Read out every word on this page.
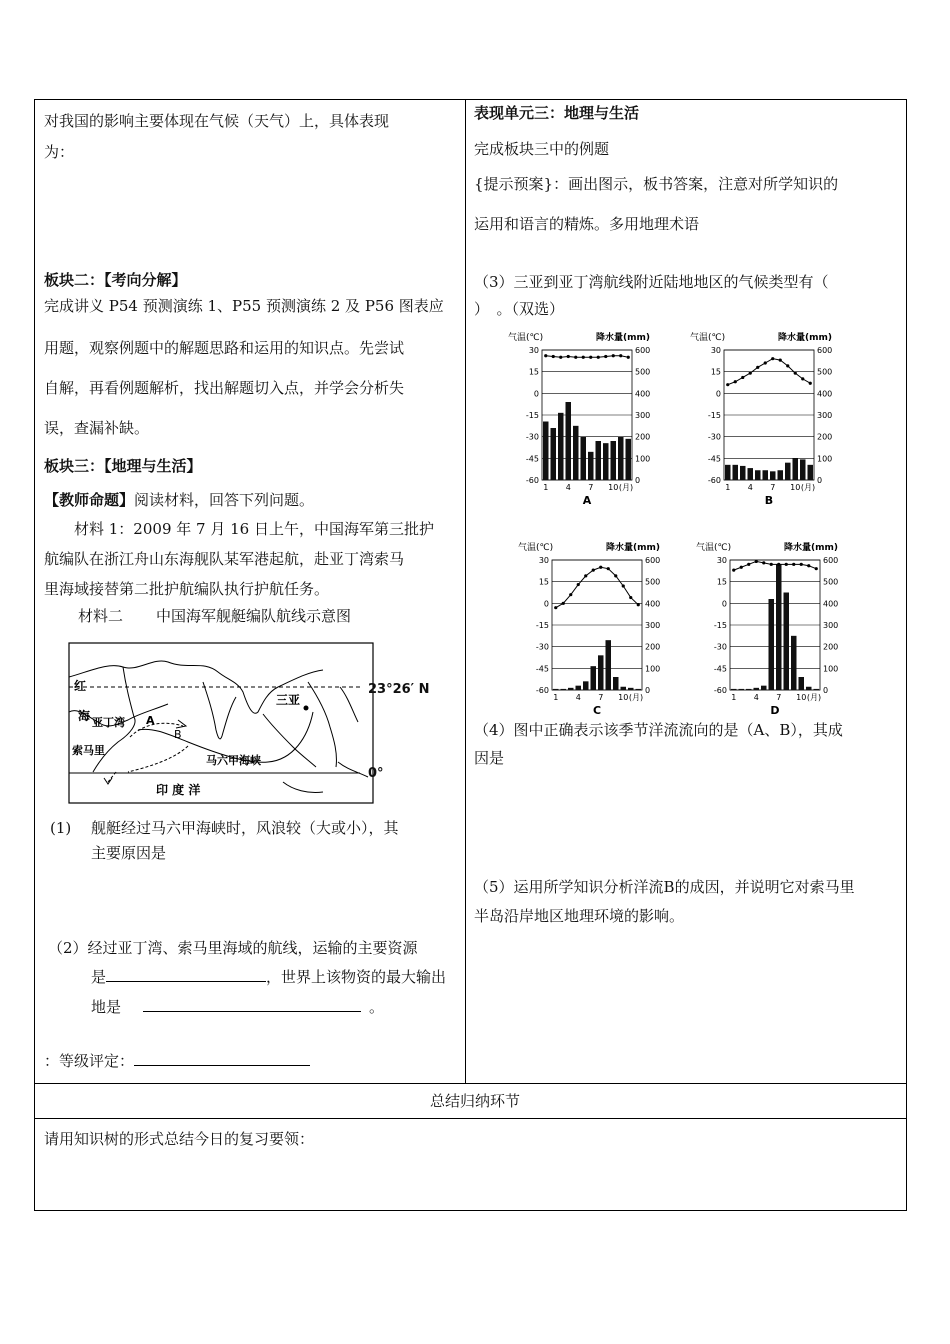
对我国的影响主要体现在气候（天气）上，具体表现
为：
板块二：【考向分解】
完成讲义 P54 预测演练 1、P55 预测演练 2 及 P56 图表应
用题，观察例题中的解题思路和运用的知识点。先尝试
自解，再看例题解析，找出解题切入点，并学会分析失
误，查漏补缺。
板块三：【地理与生活】
【教师命题】阅读材料，回答下列问题。
材料 1：2009 年 7 月 16 日上午，中国海军第三批护
航编队在浙江舟山东海舰队某军港起航，赴亚丁湾索马
里海域接替第二批护航编队执行护航任务。
材料二 中国海军舰艇编队航线示意图
红
海 亚丁湾
索马里
A
B
三亚
马六甲海峡
印 度 洋
23°26′ N
0°
(1)　 舰艇经过马六甲海峡时，风浪较（大或小），其
主要原因是
（2）经过亚丁湾、索马里海域的航线，运输的主要资源
是	，世界上该物资的最大输出
地是	。
：等级评定：
表现单元三：地理与生活
完成板块三中的例题
{提示预案}：画出图示，板书答案，注意对所学知识的
运用和语言的精炼。多用地理术语
（3）三亚到亚丁湾航线附近陆地地区的气候类型有（
）　。（双选）
气温(℃)	降水量(mm)
30
15
0
-15
-30
-45
-60
600
500
400
300
200
100
0
1 4 7 10 (月)
A
气温(℃)	降水量(mm)
30
15
0
-15
-30
-45
-60
600
500
400
300
200
100
0
1 4 7 10 (月)
B
气温(℃)	降水量(mm)
30
15
0
-15
-30
-45
-60
600
500
400
300
200
100
0
1 4 7 10 (月)
C
气温(℃)	降水量(mm)
30
15
0
-15
-30
-45
-60
600
500
400
300
200
100
0
1 4 7 10 (月)
D
（4）图中正确表示该季节洋流流向的是（A、B），其成
因是
（5）运用所学知识分析洋流B的成因，并说明它对索马里
半岛沿岸地区地理环境的影响。
总结归纳环节
请用知识树的形式总结今日的复习要领：
